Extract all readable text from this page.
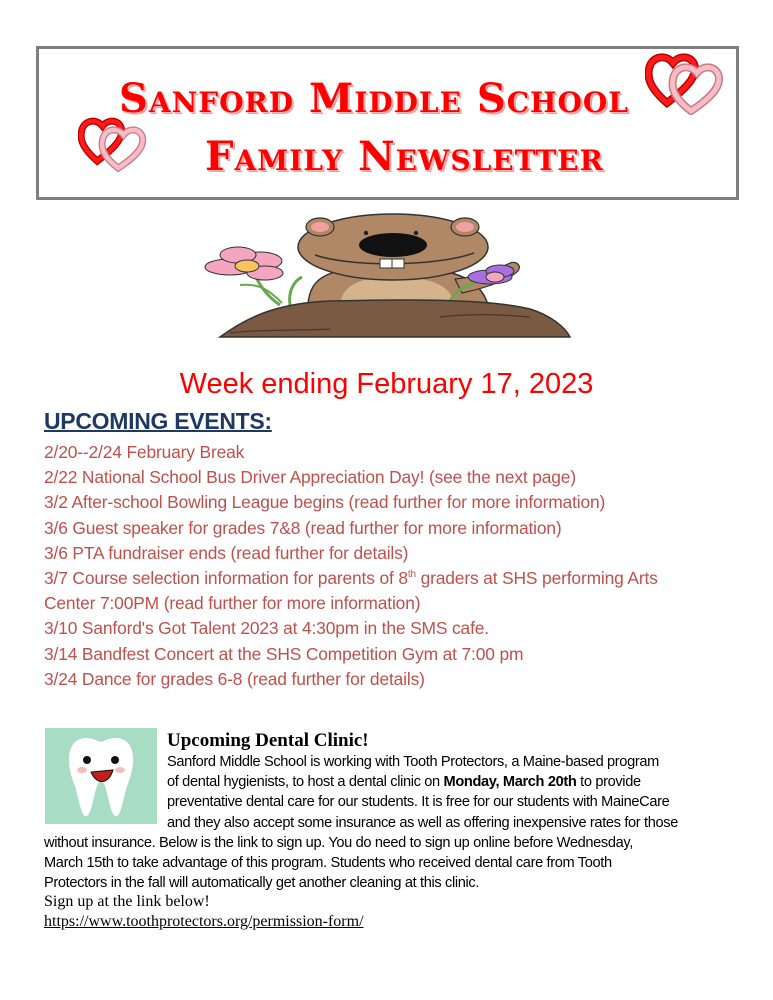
Sanford Middle School
Family Newsletter
Week ending February 17, 2023
UPCOMING EVENTS:
2/20--2/24 February Break
2/22 National School Bus Driver Appreciation Day! (see the next page)
3/2 After-school Bowling League begins (read further for more information)
3/6 Guest speaker for grades 7&8 (read further for more information)
3/6 PTA fundraiser ends (read further for details)
3/7 Course selection information for parents of 8th graders at SHS performing Arts
Center 7:00PM (read further for more information)
3/10 Sanford's Got Talent 2023 at 4:30pm in the SMS cafe.
3/14 Bandfest Concert at the SHS Competition Gym at 7:00 pm
3/24 Dance for grades 6-8 (read further for details)
Upcoming Dental Clinic!
Sanford Middle School is working with Tooth Protectors, a Maine-based program
of dental hygienists, to host a dental clinic on Monday, March 20th to provide
preventative dental care for our students. It is free for our students with MaineCare
and they also accept some insurance as well as offering inexpensive rates for those
without insurance. Below is the link to sign up. You do need to sign up online before Wednesday,
March 15th to take advantage of this program. Students who received dental care from Tooth
Protectors in the fall will automatically get another cleaning at this clinic.
Sign up at the link below!
https://www.toothprotectors.org/permission-form/
